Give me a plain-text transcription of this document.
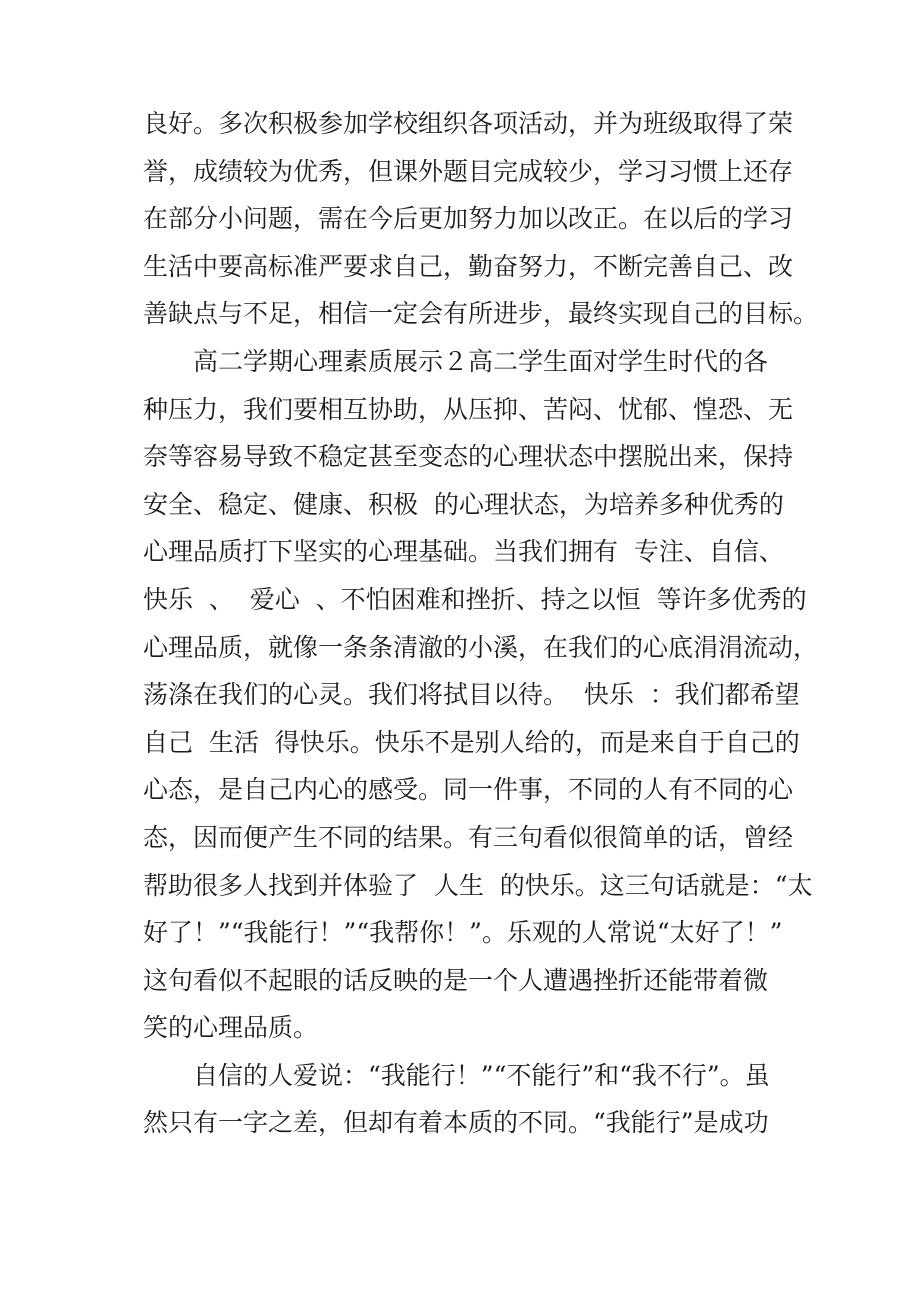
良好。多次积极参加学校组织各项活动，并为班级取得了荣
誉，成绩较为优秀，但课外题目完成较少，学习习惯上还存
在部分小问题，需在今后更加努力加以改正。在以后的学习
生活中要高标准严要求自己，勤奋努力，不断完善自己、改
善缺点与不足，相信一定会有所进步，最终实现自己的目标。
高二学期心理素质展示２高二学生面对学生时代的各
种压力，我们要相互协助，从压抑、苦闷、忧郁、惶恐、无
奈等容易导致不稳定甚至变态的心理状态中摆脱出来，保持
安全、稳定、健康、积极  的心理状态，为培养多种优秀的
心理品质打下坚实的心理基础。当我们拥有  专注、自信、
快乐  、  爱心  、不怕困难和挫折、持之以恒  等许多优秀的
心理品质，就像一条条清澈的小溪，在我们的心底涓涓流动，
荡涤在我们的心灵。我们将拭目以待。  快乐  ：我们都希望
自己  生活  得快乐。快乐不是别人给的，而是来自于自己的
心态，是自己内心的感受。同一件事，不同的人有不同的心
态，因而便产生不同的结果。有三句看似很简单的话，曾经
帮助很多人找到并体验了  人生  的快乐。这三句话就是：“太
好了！”“我能行！”“我帮你！”。乐观的人常说“太好了！”
这句看似不起眼的话反映的是一个人遭遇挫折还能带着微
笑的心理品质。
自信的人爱说：“我能行！”“不能行”和“我不行”。虽
然只有一字之差，但却有着本质的不同。“我能行”是成功
